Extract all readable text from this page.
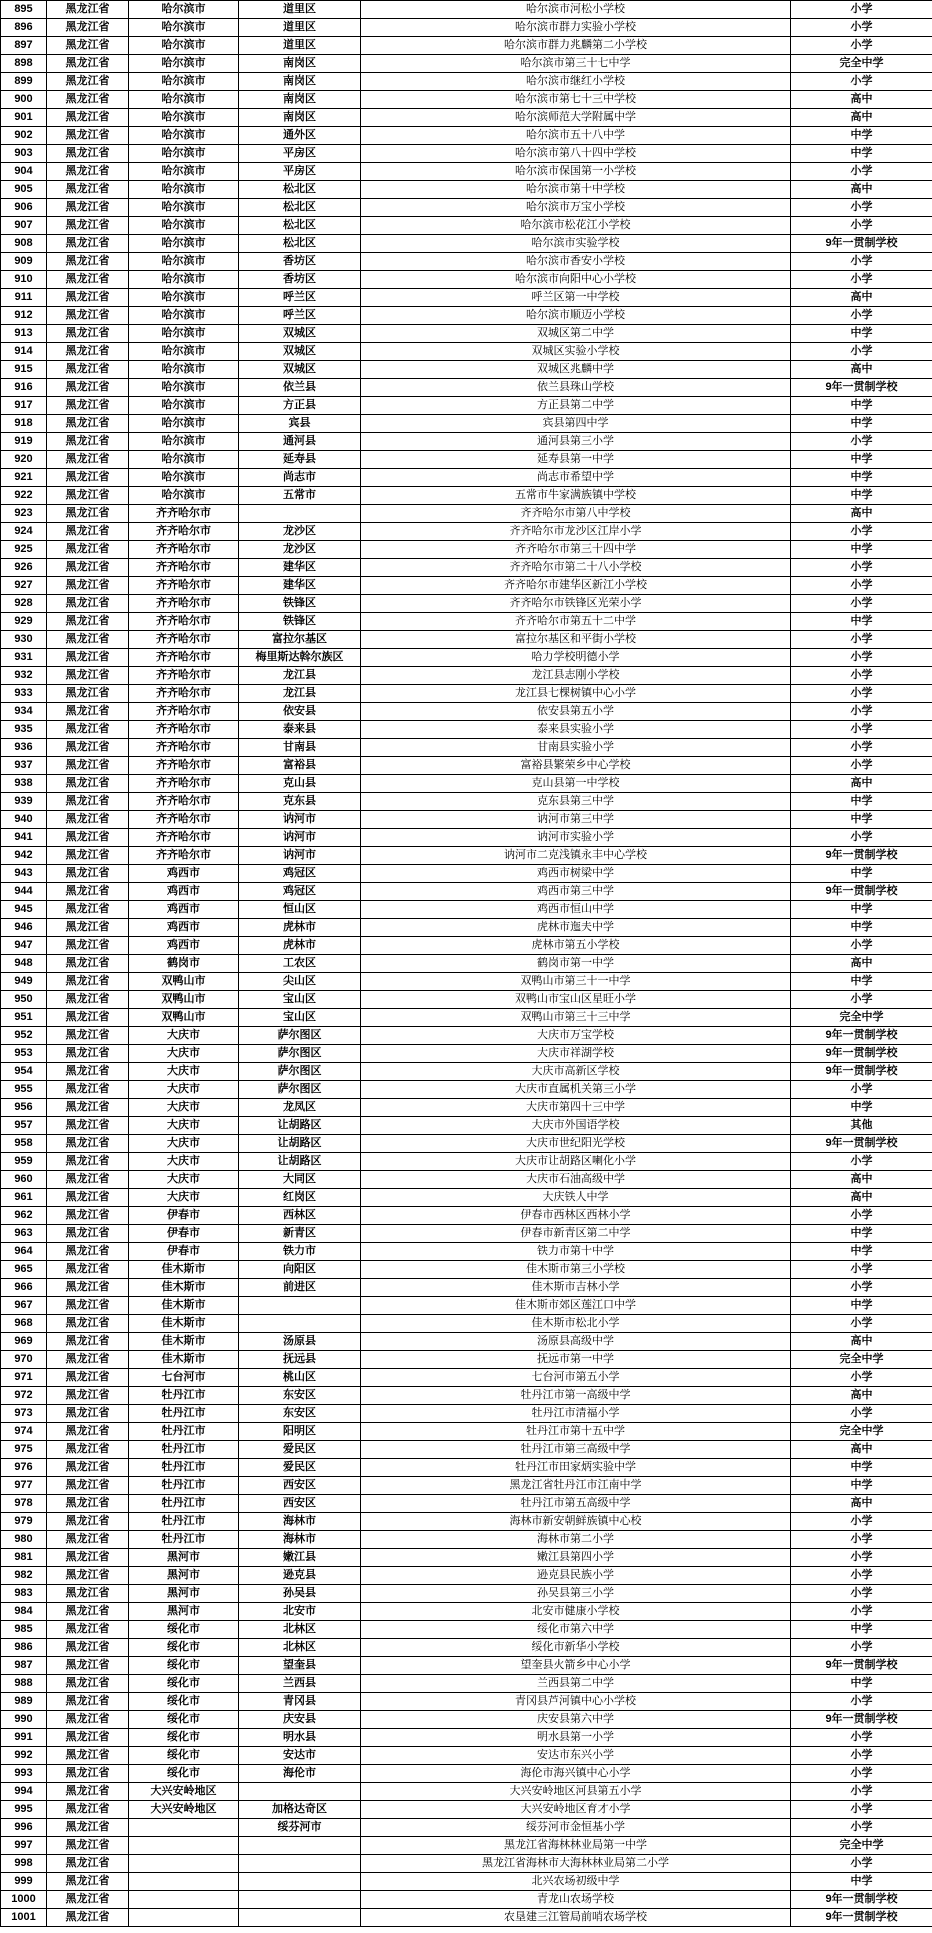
895	黑龙江省	哈尔滨市	道里区	哈尔滨市河松小学校	小学
896	黑龙江省	哈尔滨市	道里区	哈尔滨市群力实验小学校	小学
897	黑龙江省	哈尔滨市	道里区	哈尔滨市群力兆麟第二小学校	小学
898	黑龙江省	哈尔滨市	南岗区	哈尔滨市第三十七中学	完全中学
899	黑龙江省	哈尔滨市	南岗区	哈尔滨市继红小学校	小学
900	黑龙江省	哈尔滨市	南岗区	哈尔滨市第七十三中学校	高中
901	黑龙江省	哈尔滨市	南岗区	哈尔滨师范大学附属中学	高中
902	黑龙江省	哈尔滨市	通外区	哈尔滨市五十八中学	中学
903	黑龙江省	哈尔滨市	平房区	哈尔滨市第八十四中学校	中学
904	黑龙江省	哈尔滨市	平房区	哈尔滨市保国第一小学校	小学
905	黑龙江省	哈尔滨市	松北区	哈尔滨市第十中学校	高中
906	黑龙江省	哈尔滨市	松北区	哈尔滨市万宝小学校	小学
907	黑龙江省	哈尔滨市	松北区	哈尔滨市松花江小学校	小学
908	黑龙江省	哈尔滨市	松北区	哈尔滨市实验学校	9年一贯制学校
909	黑龙江省	哈尔滨市	香坊区	哈尔滨市香安小学校	小学
910	黑龙江省	哈尔滨市	香坊区	哈尔滨市向阳中心小学校	小学
911	黑龙江省	哈尔滨市	呼兰区	呼兰区第一中学校	高中
912	黑龙江省	哈尔滨市	呼兰区	哈尔滨市顺迈小学校	小学
913	黑龙江省	哈尔滨市	双城区	双城区第二中学	中学
914	黑龙江省	哈尔滨市	双城区	双城区实验小学校	小学
915	黑龙江省	哈尔滨市	双城区	双城区兆麟中学	高中
916	黑龙江省	哈尔滨市	依兰县	依兰县珠山学校	9年一贯制学校
917	黑龙江省	哈尔滨市	方正县	方正县第二中学	中学
918	黑龙江省	哈尔滨市	宾县	宾县第四中学	中学
919	黑龙江省	哈尔滨市	通河县	通河县第三小学	小学
920	黑龙江省	哈尔滨市	延寿县	延寿县第一中学	中学
921	黑龙江省	哈尔滨市	尚志市	尚志市希望中学	中学
922	黑龙江省	哈尔滨市	五常市	五常市牛家满族镇中学校	中学
923	黑龙江省	齐齐哈尔市		齐齐哈尔市第八中学校	高中
924	黑龙江省	齐齐哈尔市	龙沙区	齐齐哈尔市龙沙区江岸小学	小学
925	黑龙江省	齐齐哈尔市	龙沙区	齐齐哈尔市第三十四中学	中学
926	黑龙江省	齐齐哈尔市	建华区	齐齐哈尔市第二十八小学校	小学
927	黑龙江省	齐齐哈尔市	建华区	齐齐哈尔市建华区新江小学校	小学
928	黑龙江省	齐齐哈尔市	铁锋区	齐齐哈尔市铁锋区光荣小学	小学
929	黑龙江省	齐齐哈尔市	铁锋区	齐齐哈尔市第五十二中学	中学
930	黑龙江省	齐齐哈尔市	富拉尔基区	富拉尔基区和平街小学校	小学
931	黑龙江省	齐齐哈尔市	梅里斯达斡尔族区	哈力学校明德小学	小学
932	黑龙江省	齐齐哈尔市	龙江县	龙江县志刚小学校	小学
933	黑龙江省	齐齐哈尔市	龙江县	龙江县七棵树镇中心小学	小学
934	黑龙江省	齐齐哈尔市	依安县	依安县第五小学	小学
935	黑龙江省	齐齐哈尔市	泰来县	泰来县实验小学	小学
936	黑龙江省	齐齐哈尔市	甘南县	甘南县实验小学	小学
937	黑龙江省	齐齐哈尔市	富裕县	富裕县繁荣乡中心学校	小学
938	黑龙江省	齐齐哈尔市	克山县	克山县第一中学校	高中
939	黑龙江省	齐齐哈尔市	克东县	克东县第三中学	中学
940	黑龙江省	齐齐哈尔市	讷河市	讷河市第三中学	中学
941	黑龙江省	齐齐哈尔市	讷河市	讷河市实验小学	小学
942	黑龙江省	齐齐哈尔市	讷河市	讷河市二克浅镇永丰中心学校	9年一贯制学校
943	黑龙江省	鸡西市	鸡冠区	鸡西市树梁中学	中学
944	黑龙江省	鸡西市	鸡冠区	鸡西市第三中学	9年一贯制学校
945	黑龙江省	鸡西市	恒山区	鸡西市恒山中学	中学
946	黑龙江省	鸡西市	虎林市	虎林市迤夫中学	中学
947	黑龙江省	鸡西市	虎林市	虎林市第五小学校	小学
948	黑龙江省	鹤岗市	工农区	鹤岗市第一中学	高中
949	黑龙江省	双鸭山市	尖山区	双鸭山市第三十一中学	中学
950	黑龙江省	双鸭山市	宝山区	双鸭山市宝山区星旺小学	小学
951	黑龙江省	双鸭山市	宝山区	双鸭山市第三十三中学	完全中学
952	黑龙江省	大庆市	萨尔图区	大庆市万宝学校	9年一贯制学校
953	黑龙江省	大庆市	萨尔图区	大庆市祥湖学校	9年一贯制学校
954	黑龙江省	大庆市	萨尔图区	大庆市高新区学校	9年一贯制学校
955	黑龙江省	大庆市	萨尔图区	大庆市直属机关第三小学	小学
956	黑龙江省	大庆市	龙凤区	大庆市第四十三中学	中学
957	黑龙江省	大庆市	让胡路区	大庆市外国语学校	其他
958	黑龙江省	大庆市	让胡路区	大庆市世纪阳光学校	9年一贯制学校
959	黑龙江省	大庆市	让胡路区	大庆市让胡路区喇化小学	小学
960	黑龙江省	大庆市	大同区	大庆市石油高级中学	高中
961	黑龙江省	大庆市	红岗区	大庆铁人中学	高中
962	黑龙江省	伊春市	西林区	伊春市西林区西林小学	小学
963	黑龙江省	伊春市	新青区	伊春市新青区第二中学	中学
964	黑龙江省	伊春市	铁力市	铁力市第十中学	中学
965	黑龙江省	佳木斯市	向阳区	佳木斯市第三小学校	小学
966	黑龙江省	佳木斯市	前进区	佳木斯市吉林小学	小学
967	黑龙江省	佳木斯市		佳木斯市郊区莲江口中学	中学
968	黑龙江省	佳木斯市		佳木斯市松北小学	小学
969	黑龙江省	佳木斯市	汤原县	汤原县高级中学	高中
970	黑龙江省	佳木斯市	抚远县	抚远市第一中学	完全中学
971	黑龙江省	七台河市	桃山区	七台河市第五小学	小学
972	黑龙江省	牡丹江市	东安区	牡丹江市第一高级中学	高中
973	黑龙江省	牡丹江市	东安区	牡丹江市清福小学	小学
974	黑龙江省	牡丹江市	阳明区	牡丹江市第十五中学	完全中学
975	黑龙江省	牡丹江市	爱民区	牡丹江市第三高级中学	高中
976	黑龙江省	牡丹江市	爱民区	牡丹江市田家炳实验中学	中学
977	黑龙江省	牡丹江市	西安区	黑龙江省牡丹江市江南中学	中学
978	黑龙江省	牡丹江市	西安区	牡丹江市第五高级中学	高中
979	黑龙江省	牡丹江市	海林市	海林市新安朝鲜族镇中心校	小学
980	黑龙江省	牡丹江市	海林市	海林市第二小学	小学
981	黑龙江省	黑河市	嫩江县	嫩江县第四小学	小学
982	黑龙江省	黑河市	逊克县	逊克县民族小学	小学
983	黑龙江省	黑河市	孙吴县	孙吴县第三小学	小学
984	黑龙江省	黑河市	北安市	北安市健康小学校	小学
985	黑龙江省	绥化市	北林区	绥化市第六中学	中学
986	黑龙江省	绥化市	北林区	绥化市新华小学校	小学
987	黑龙江省	绥化市	望奎县	望奎县火箭乡中心小学	9年一贯制学校
988	黑龙江省	绥化市	兰西县	兰西县第二中学	中学
989	黑龙江省	绥化市	青冈县	青冈县芦河镇中心小学校	小学
990	黑龙江省	绥化市	庆安县	庆安县第六中学	9年一贯制学校
991	黑龙江省	绥化市	明水县	明水县第一小学	小学
992	黑龙江省	绥化市	安达市	安达市东兴小学	小学
993	黑龙江省	绥化市	海伦市	海伦市海兴镇中心小学	小学
994	黑龙江省	大兴安岭地区		大兴安岭地区河县第五小学	小学
995	黑龙江省	大兴安岭地区	加格达奇区	大兴安岭地区育才小学	小学
996	黑龙江省		绥芬河市	绥芬河市金恒基小学	小学
997	黑龙江省			黑龙江省海林林业局第一中学	完全中学
998	黑龙江省			黑龙江省海林市大海林林业局第二小学	小学
999	黑龙江省			北兴农场初级中学	中学
1000	黑龙江省			青龙山农场学校	9年一贯制学校
1001	黑龙江省			农垦建三江管局前哨农场学校	9年一贯制学校
